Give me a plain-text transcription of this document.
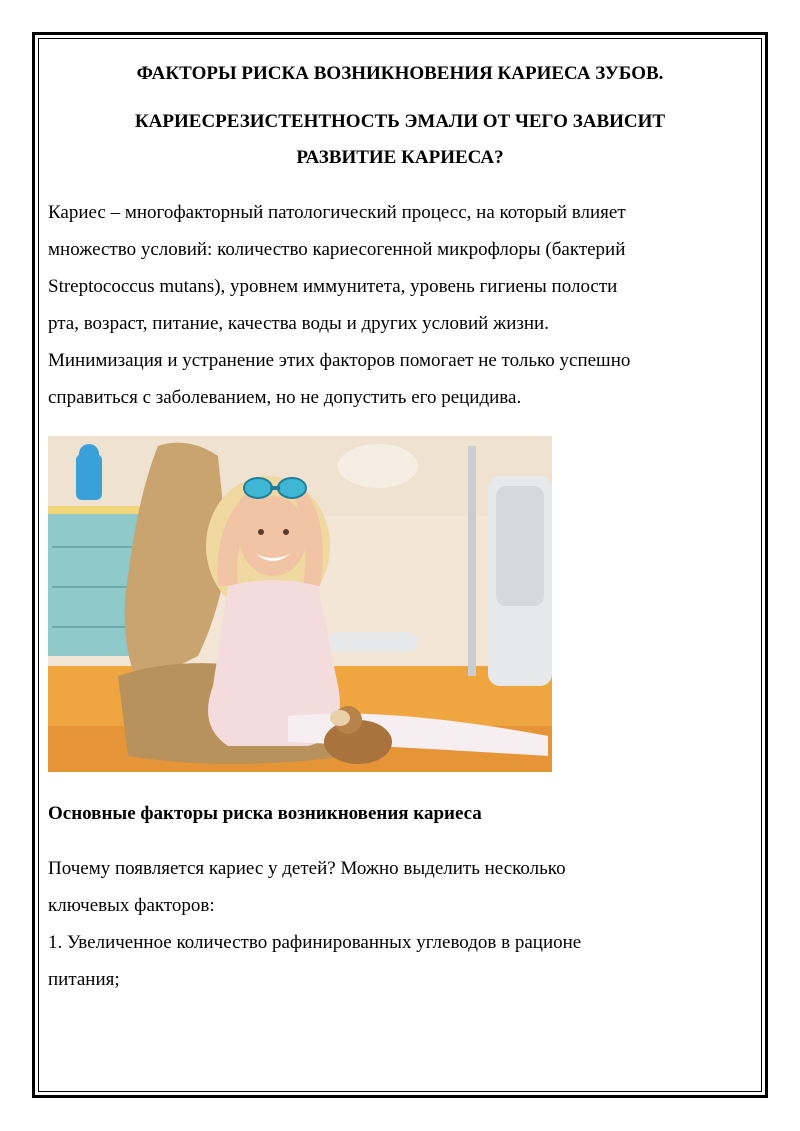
ФАКТОРЫ РИСКА ВОЗНИКНОВЕНИЯ КАРИЕСА ЗУБОВ.

КАРИЕСРЕЗИСТЕНТНОСТЬ ЭМАЛИ ОТ ЧЕГО ЗАВИСИТ

РАЗВИТИЕ КАРИЕСА?

Кариес – многофакторный патологический процесс, на который влияет
множество условий: количество кариесогенной микрофлоры (бактерий
Streptococcus mutans), уровнем иммунитета, уровень гигиены полости
рта, возраст, питание, качества воды и других условий жизни.
Минимизация и устранение этих факторов помогает не только успешно
справиться с заболеванием, но не допустить его рецидива.

Основные факторы риска возникновения кариеса

Почему появляется кариес у детей? Можно выделить несколько
ключевых факторов:
1. Увеличенное количество рафинированных углеводов в рационе
питания;
